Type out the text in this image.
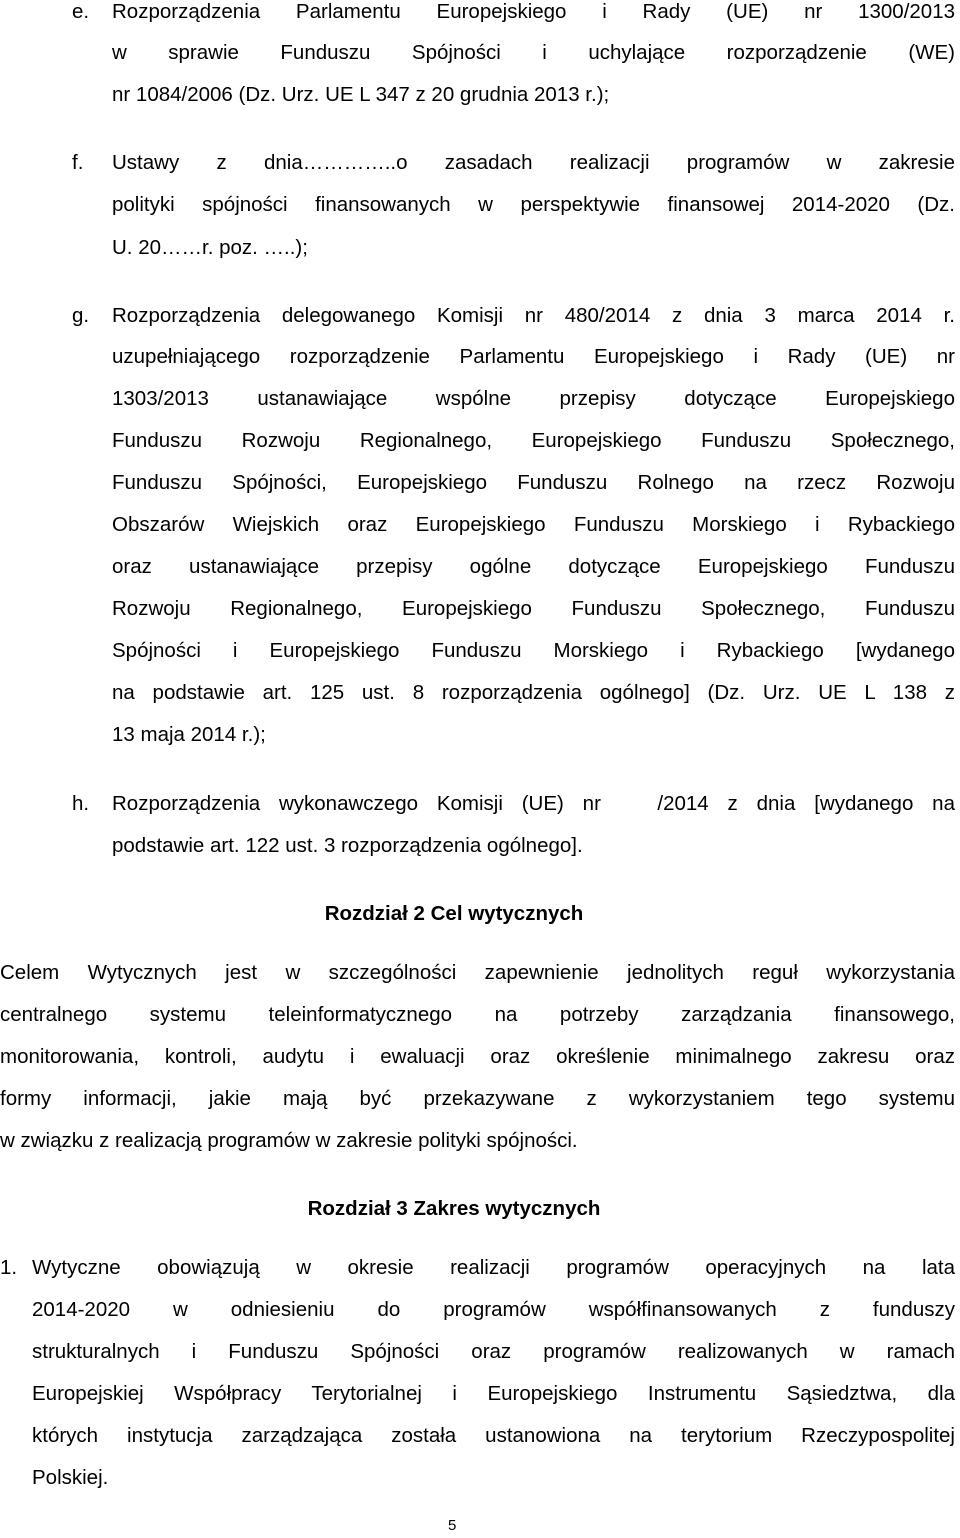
e. Rozporządzenia Parlamentu Europejskiego i Rady (UE) nr 1300/2013
w sprawie Funduszu Spójności i uchylające rozporządzenie (WE)
nr 1084/2006 (Dz. Urz. UE L 347 z 20 grudnia 2013 r.);
f. Ustawy z dnia…………..o zasadach realizacji programów w zakresie
polityki spójności finansowanych w perspektywie finansowej 2014-2020 (Dz.
U. 20……r. poz. …..);
g. Rozporządzenia delegowanego Komisji nr 480/2014 z dnia 3 marca 2014 r.
uzupełniającego rozporządzenie Parlamentu Europejskiego i Rady (UE) nr
1303/2013 ustanawiające wspólne przepisy dotyczące Europejskiego
Funduszu Rozwoju Regionalnego, Europejskiego Funduszu Społecznego,
Funduszu Spójności, Europejskiego Funduszu Rolnego na rzecz Rozwoju
Obszarów Wiejskich oraz Europejskiego Funduszu Morskiego i Rybackiego
oraz ustanawiające przepisy ogólne dotyczące Europejskiego Funduszu
Rozwoju Regionalnego, Europejskiego Funduszu Społecznego, Funduszu
Spójności i Europejskiego Funduszu Morskiego i Rybackiego [wydanego
na podstawie art. 125 ust. 8 rozporządzenia ogólnego] (Dz. Urz. UE L 138 z
13 maja 2014 r.);
h. Rozporządzenia wykonawczego Komisji (UE) nr   /2014 z dnia [wydanego na
podstawie art. 122 ust. 3 rozporządzenia ogólnego].
Rozdział 2 Cel wytycznych
Celem Wytycznych jest w szczególności zapewnienie jednolitych reguł wykorzystania
centralnego systemu teleinformatycznego na potrzeby zarządzania finansowego,
monitorowania, kontroli, audytu i ewaluacji oraz określenie minimalnego zakresu oraz
formy informacji, jakie mają być przekazywane z wykorzystaniem tego systemu
w związku z realizacją programów w zakresie polityki spójności.
Rozdział 3 Zakres wytycznych
1. Wytyczne obowiązują w okresie realizacji programów operacyjnych na lata
2014-2020 w odniesieniu do programów współfinansowanych z funduszy
strukturalnych i Funduszu Spójności oraz programów realizowanych w ramach
Europejskiej Współpracy Terytorialnej i Europejskiego Instrumentu Sąsiedztwa, dla
których instytucja zarządzająca została ustanowiona na terytorium Rzeczypospolitej
Polskiej.
5
